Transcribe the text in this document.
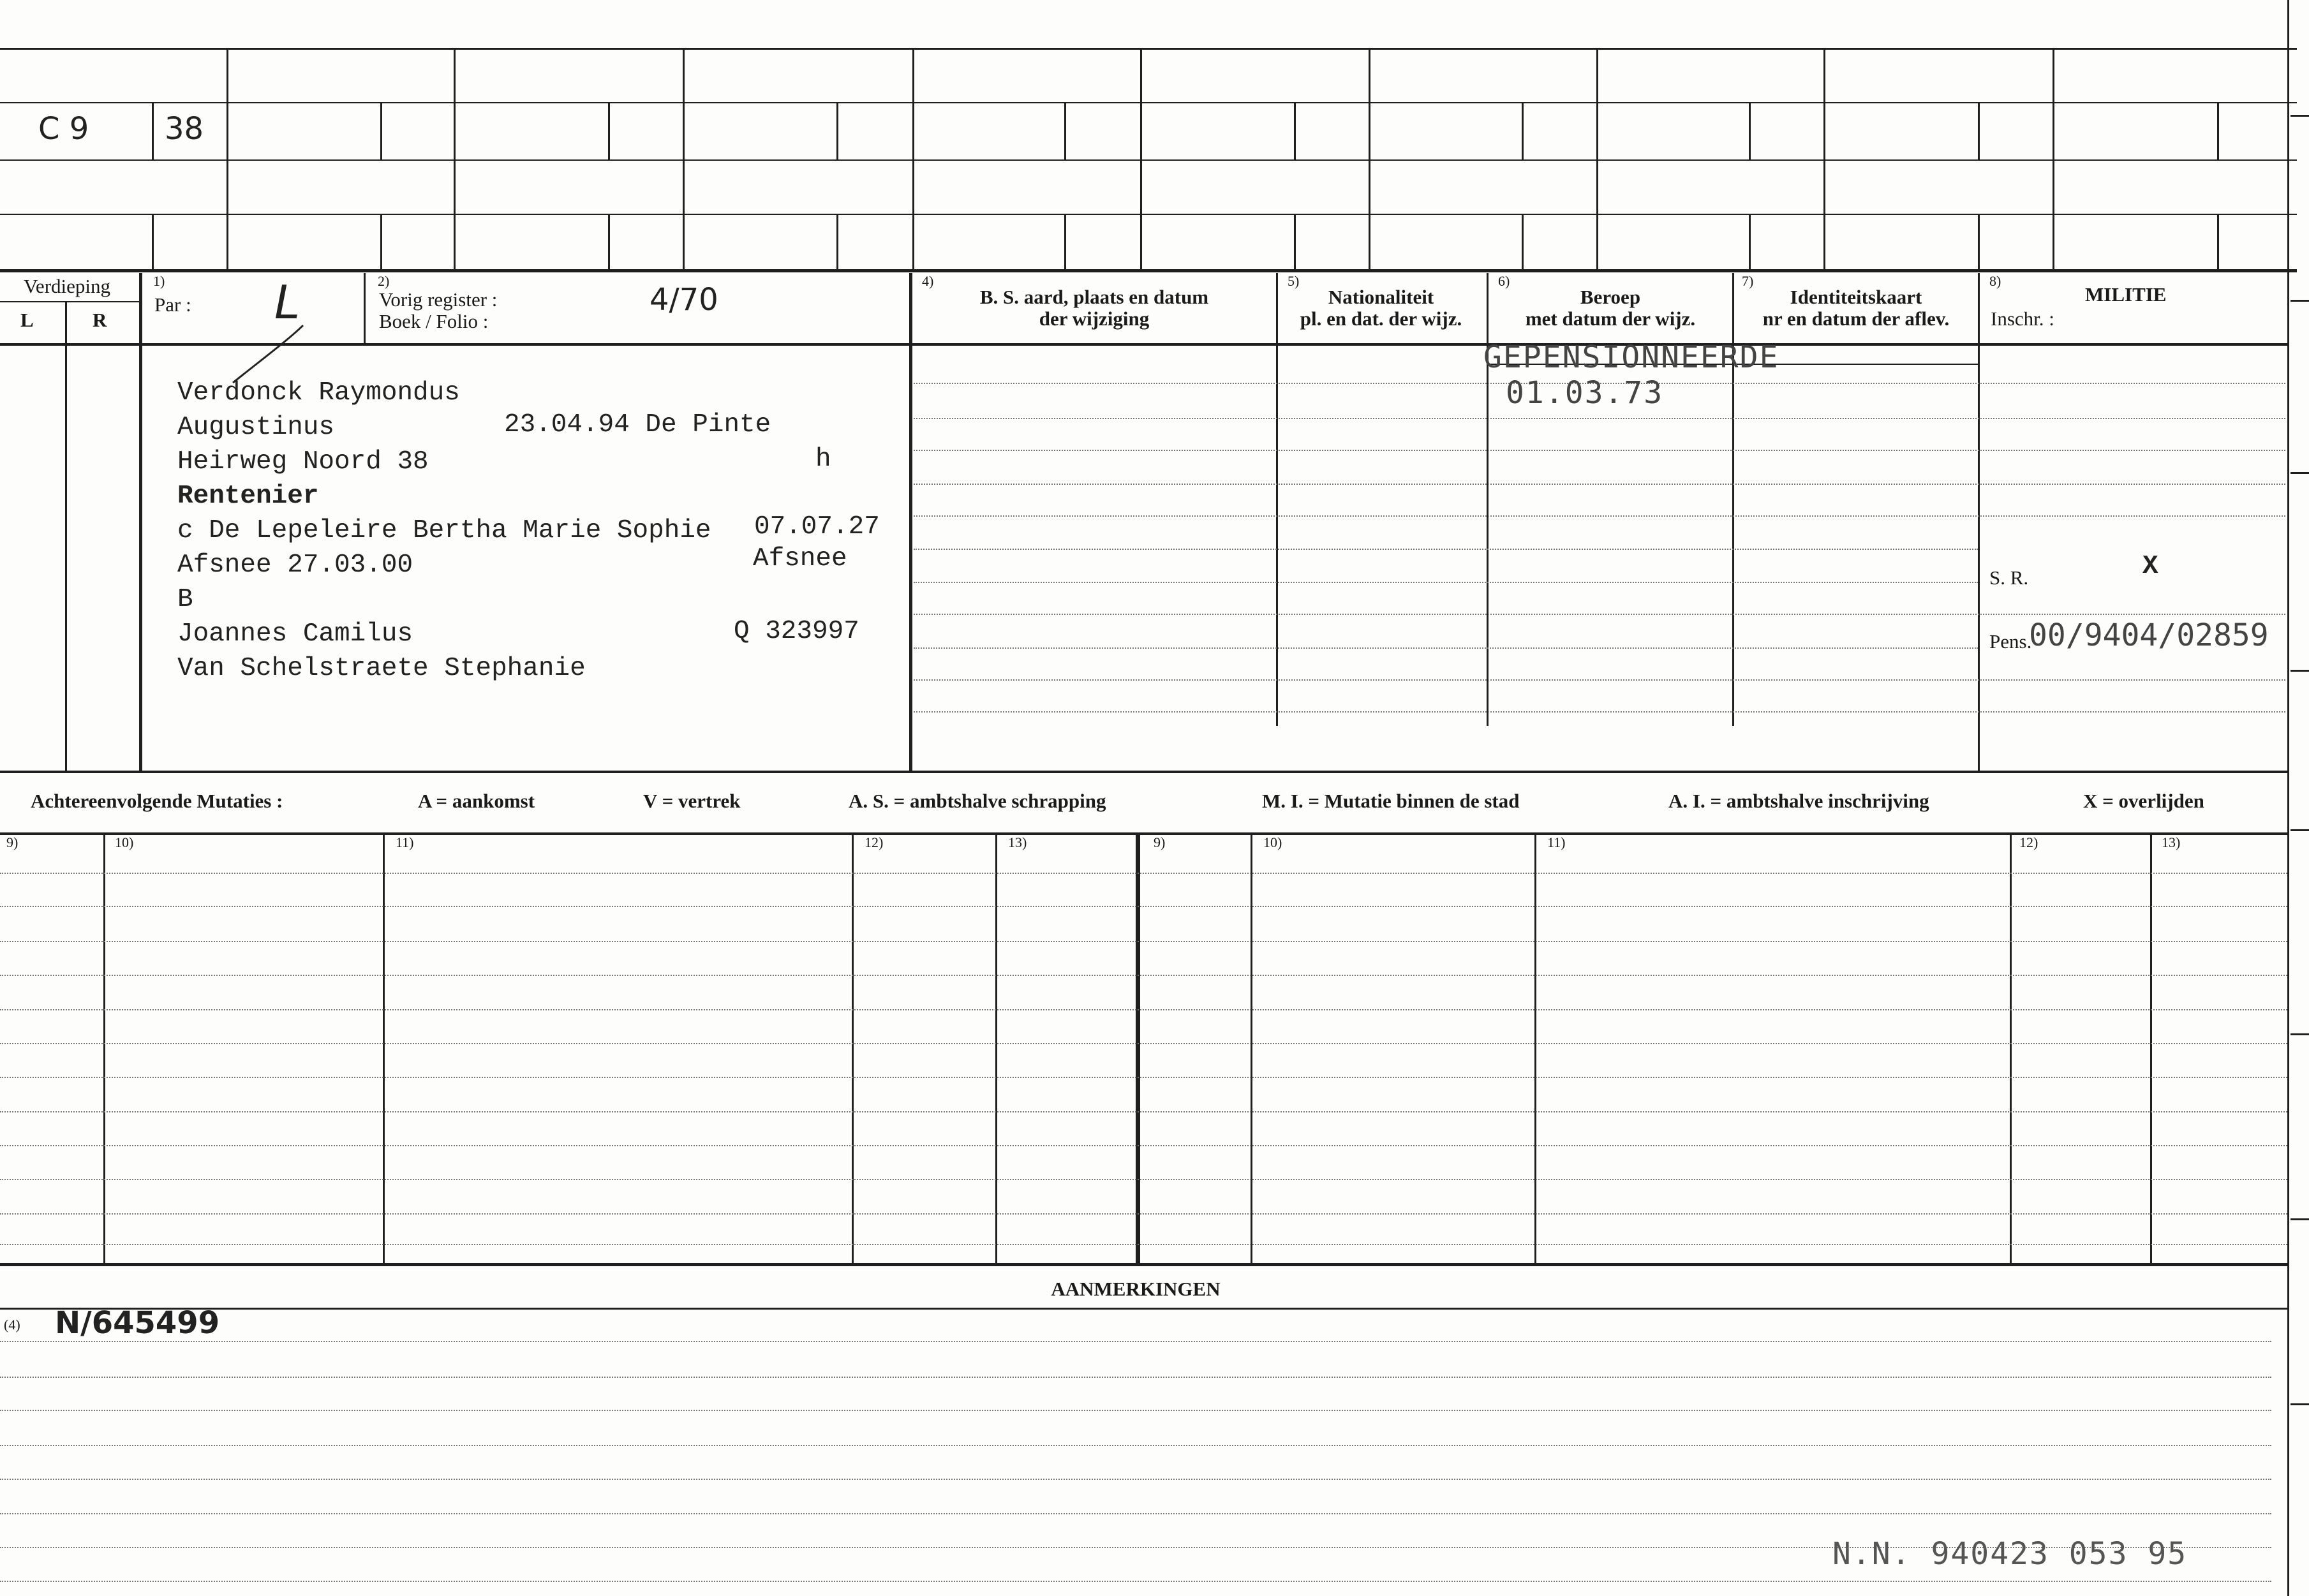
C 9 38
Verdieping
L	R
1)
Par : L	2)
Vorig register :
Boek / Folio :
4/70
4)
B. S. aard, plaats en datum
der wijziging
5)
Nationaliteit
pl. en dat. der wijz.
6)
Beroep
met datum der wijz.
7)
Identiteitskaart
nr en datum der aflev.
8)
MILITIE
Inschr. :
Verdonck Raymondus
Augustinus	23.04.94 De Pinte
Heirweg Noord 38	h
Rentenier
c De Lepeleire Bertha Marie Sophie 07.07.27
Afsnee 27.03.00	Afsnee
B
Joannes Camilus	Q 323997
Van Schelstraete Stephanie
GEPENSIONNEERDE
01.03.73
S. R.	X
Pens.
00/9404/02859
Achtereenvolgende Mutaties :	A = aankomst	V = vertrek	A. S. = ambtshalve schrapping	M. I. = Mutatie binnen de stad	A. I. = ambtshalve inschrijving	X = overlijden
9)	10)	11)	12)	13)	9)	10)	11)	12)	13)
AANMERKINGEN
(4) N/645499
N.N. 940423 053 95
